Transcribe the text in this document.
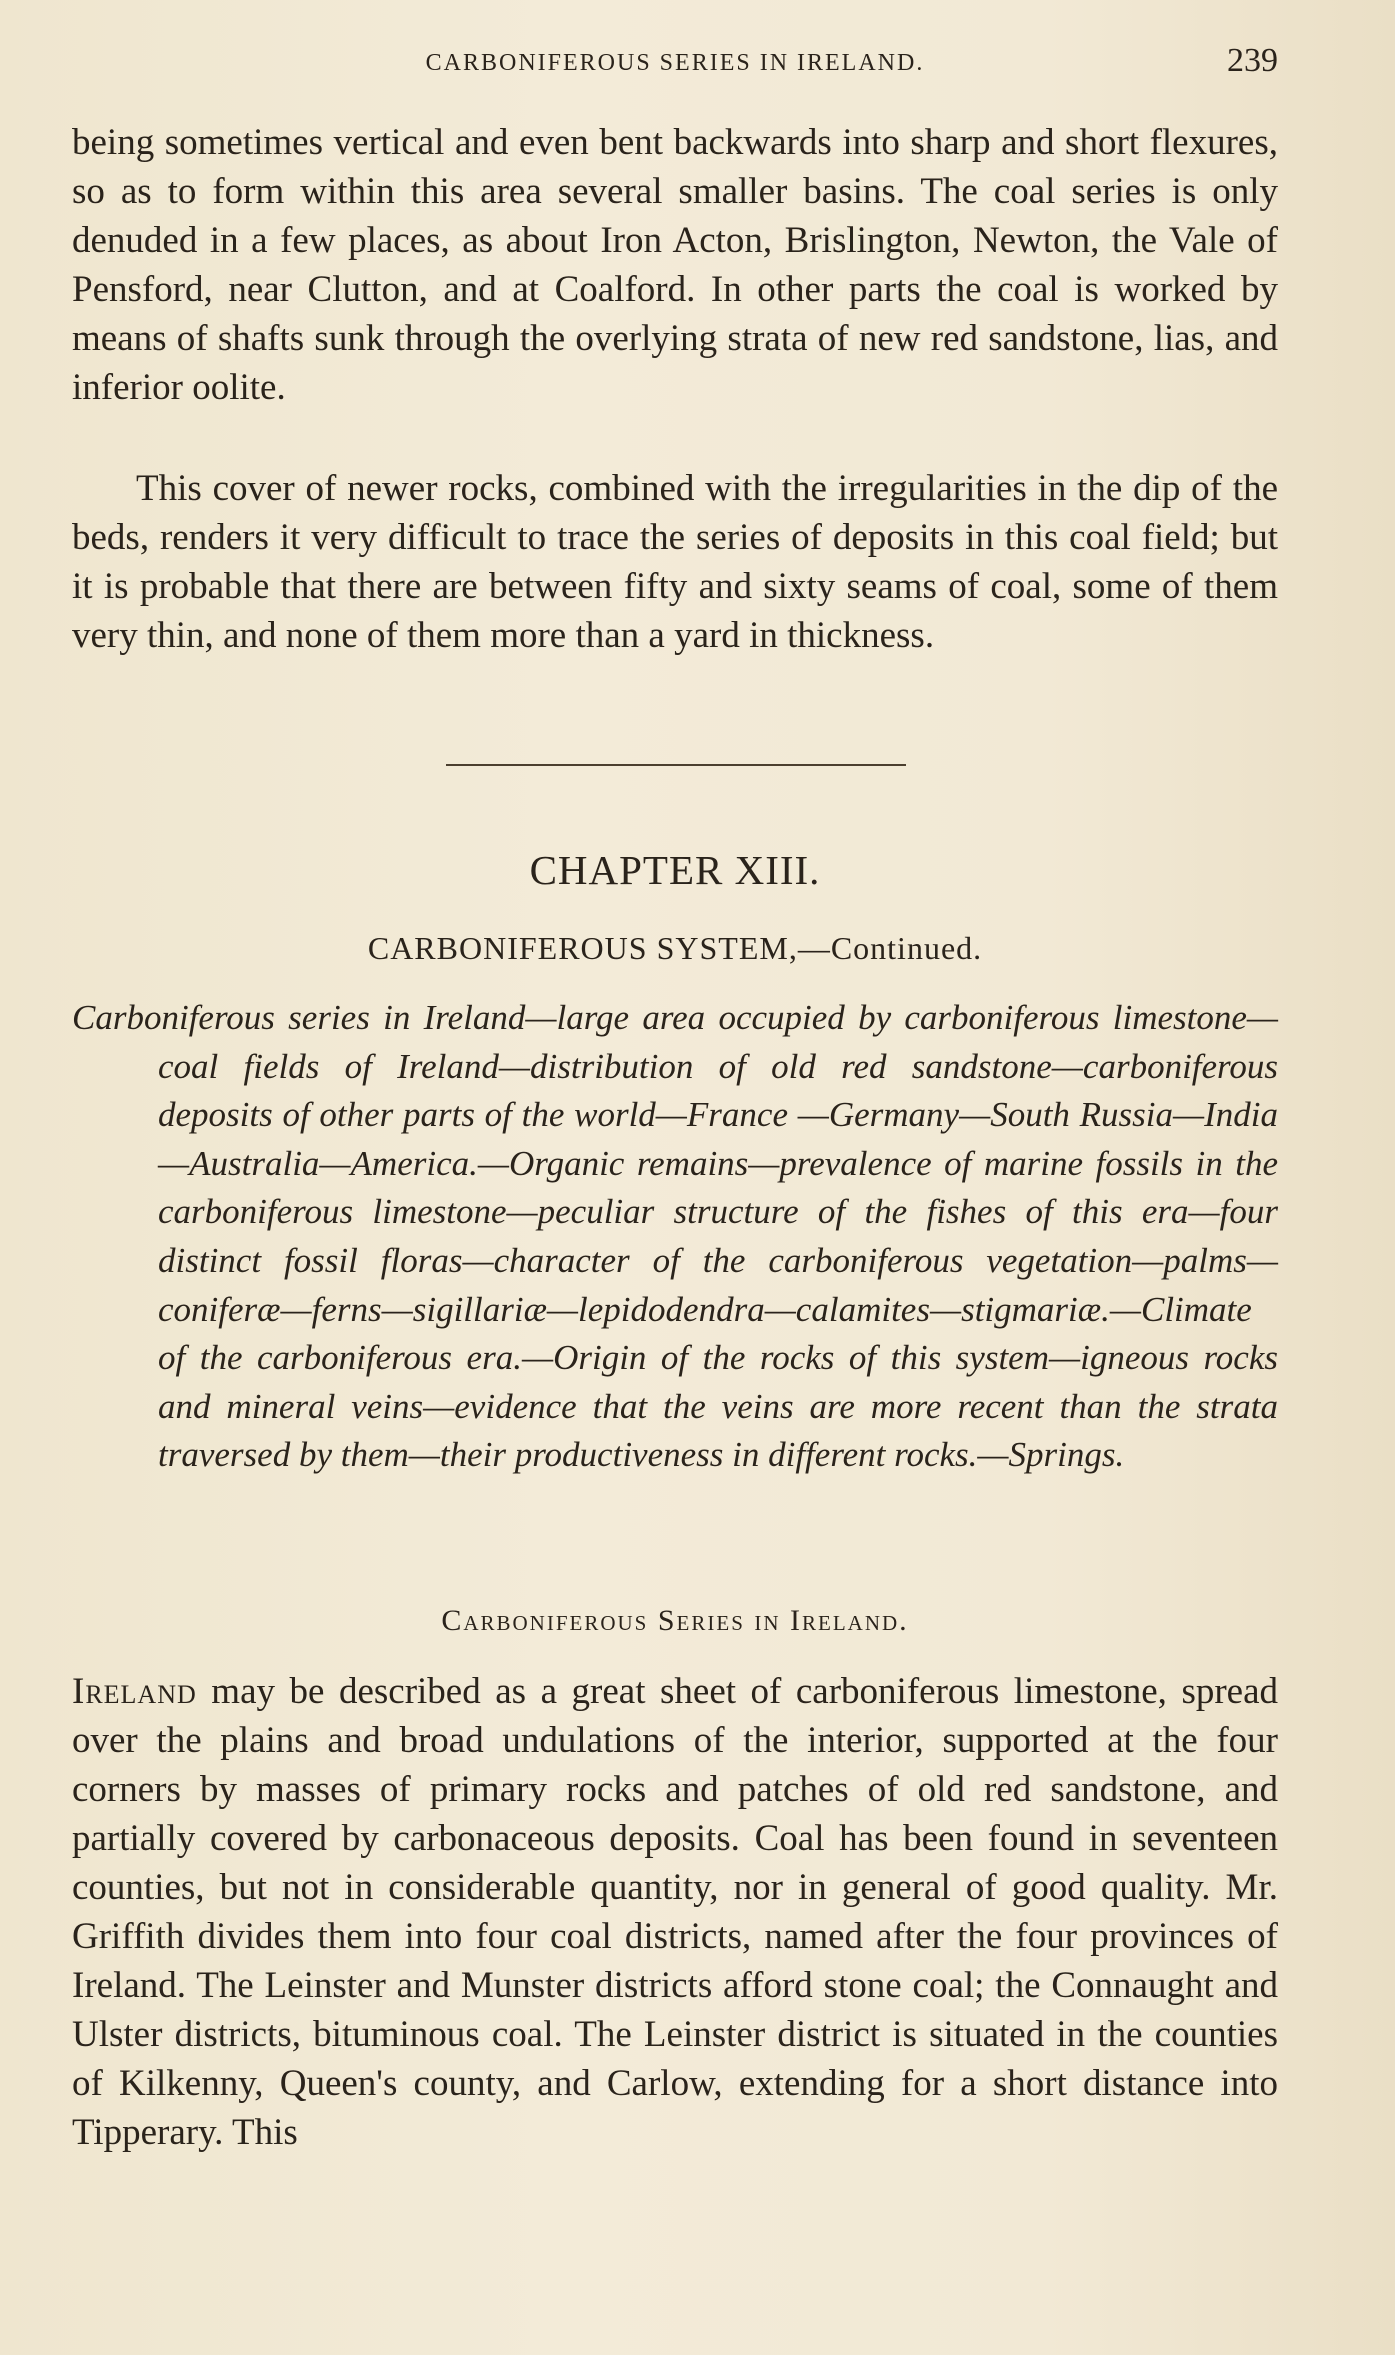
CARBONIFEROUS SERIES IN IRELAND.	239

being sometimes vertical and even bent backwards into sharp and short flexures, so as to form within this area several smaller basins. The coal series is only denuded in a few places, as about Iron Acton, Brislington, Newton, the Vale of Pensford, near Clutton, and at Coalford. In other parts the coal is worked by means of shafts sunk through the overlying strata of new red sandstone, lias, and inferior oolite.

This cover of newer rocks, combined with the irregularities in the dip of the beds, renders it very difficult to trace the series of deposits in this coal field; but it is probable that there are between fifty and sixty seams of coal, some of them very thin, and none of them more than a yard in thickness.

CHAPTER XIII.
CARBONIFEROUS SYSTEM,—Continued.

Carboniferous series in Ireland—large area occupied by carboniferous limestone—coal fields of Ireland—distribution of old red sandstone—carboniferous deposits of other parts of the world—France —Germany—South Russia—India—Australia—America.—Organic remains—prevalence of marine fossils in the carboniferous limestone—peculiar structure of the fishes of this era—four distinct fossil floras—character of the carboniferous vegetation—palms—coniferæ—ferns—sigillariæ—lepidodendra—calamites—stigmariæ.—Climate of the carboniferous era.—Origin of the rocks of this system—igneous rocks and mineral veins—evidence that the veins are more recent than the strata traversed by them—their productiveness in different rocks.—Springs.

Carboniferous Series in Ireland.

Ireland may be described as a great sheet of carboniferous limestone, spread over the plains and broad undulations of the interior, supported at the four corners by masses of primary rocks and patches of old red sandstone, and partially covered by carbonaceous deposits. Coal has been found in seventeen counties, but not in considerable quantity, nor in general of good quality. Mr. Griffith divides them into four coal districts, named after the four provinces of Ireland. The Leinster and Munster districts afford stone coal; the Connaught and Ulster districts, bituminous coal. The Leinster district is situated in the counties of Kilkenny, Queen's county, and Carlow, extending for a short distance into Tipperary. This
